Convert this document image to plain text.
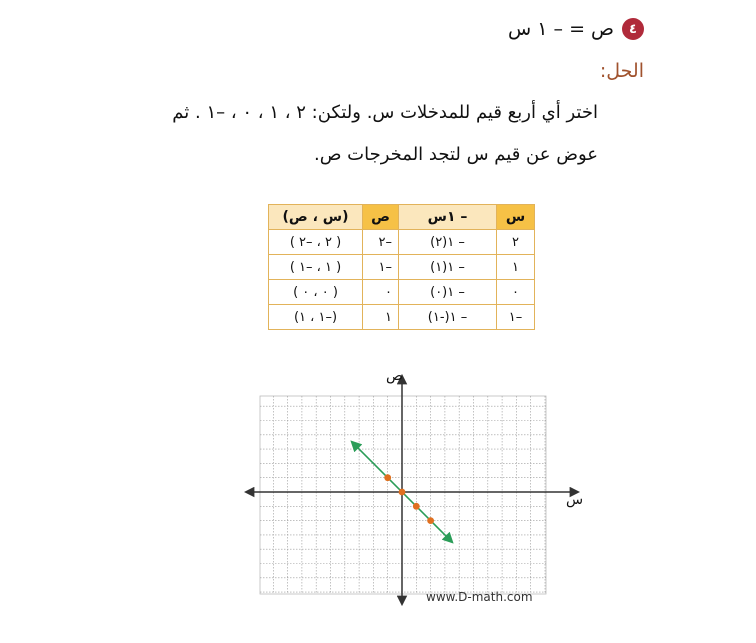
٤
ص = – ١ س
الحل:
اختر أي أربع قيم للمدخلات س. ولتكن: ٢ ، ١ ، ٠ ، –١ . ثم
عوض عن قيم س لتجد المخرجات ص.
س	– ١س	ص	(س ، ص)
٢	– ١(٢)	–٢	( ٢ ، –٢ )
١	– ١(١)	–١	( ١ ، –١ )
٠	– ١(٠)	٠	( ٠ ، ٠ )
–١	– ١(-١)	١	(–١ ، ١)
ص
س
www.D-math.com
